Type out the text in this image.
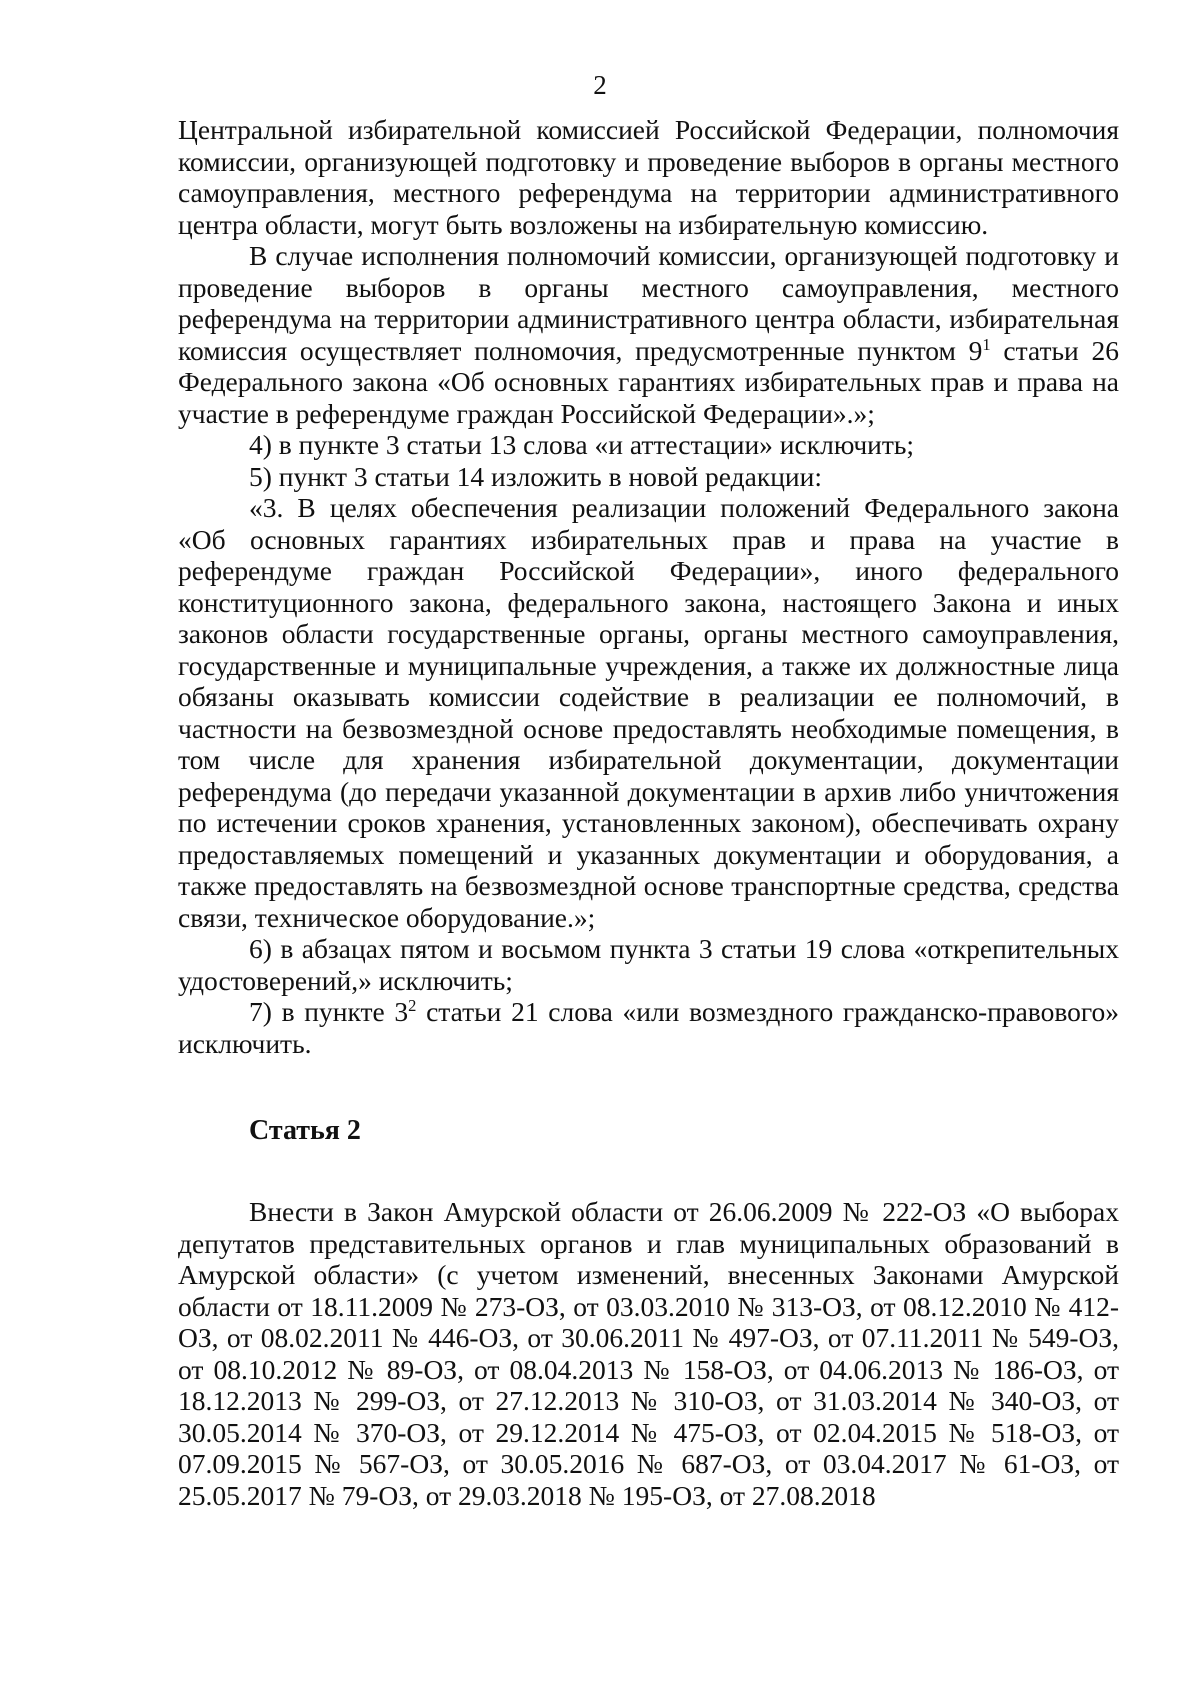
2

Центральной избирательной комиссией Российской Федерации, полномочия комиссии, организующей подготовку и проведение выборов в органы местного самоуправления, местного референдума на территории административного центра области, могут быть возложены на избирательную комиссию.

В случае исполнения полномочий комиссии, организующей подготовку и проведение выборов в органы местного самоуправления, местного референдума на территории административного центра области, избирательная комиссия осуществляет полномочия, предусмотренные пунктом $9^1$ статьи 26 Федерального закона «Об основных гарантиях избирательных прав и права на участие в референдуме граждан Российской Федерации».»;

4) в пункте 3 статьи 13 слова «и аттестации» исключить;

5) пункт 3 статьи 14 изложить в новой редакции:

«3. В целях обеспечения реализации положений Федерального закона «Об основных гарантиях избирательных прав и права на участие в референдуме граждан Российской Федерации», иного федерального конституционного закона, федерального закона, настоящего Закона и иных законов области государственные органы, органы местного самоуправления, государственные и муниципальные учреждения, а также их должностные лица обязаны оказывать комиссии содействие в реализации ее полномочий, в частности на безвозмездной основе предоставлять необходимые помещения, в том числе для хранения избирательной документации, документации референдума (до передачи указанной документации в архив либо уничтожения по истечении сроков хранения, установленных законом), обеспечивать охрану предоставляемых помещений и указанных документации и оборудования, а также предоставлять на безвозмездной основе транспортные средства, средства связи, техническое оборудование.»;

6) в абзацах пятом и восьмом пункта 3 статьи 19 слова «открепительных удостоверений,» исключить;

7) в пункте $3^2$ статьи 21 слова «или возмездного гражданско-правового» исключить.

Статья 2

Внести в Закон Амурской области от 26.06.2009 № 222-ОЗ «О выборах депутатов представительных органов и глав муниципальных образований в Амурской области» (с учетом изменений, внесенных Законами Амурской области от 18.11.2009 № 273-ОЗ, от 03.03.2010 № 313-ОЗ, от 08.12.2010 № 412-ОЗ, от 08.02.2011 № 446-ОЗ, от 30.06.2011 № 497-ОЗ, от 07.11.2011 № 549-ОЗ, от 08.10.2012 № 89-ОЗ, от 08.04.2013 № 158-ОЗ, от 04.06.2013 № 186-ОЗ, от 18.12.2013 № 299-ОЗ, от 27.12.2013 № 310-ОЗ, от 31.03.2014 № 340-ОЗ, от 30.05.2014 № 370-ОЗ, от 29.12.2014 № 475-ОЗ, от 02.04.2015 № 518-ОЗ, от 07.09.2015 № 567-ОЗ, от 30.05.2016 № 687-ОЗ, от 03.04.2017 № 61-ОЗ, от 25.05.2017 № 79-ОЗ, от 29.03.2018 № 195-ОЗ, от 27.08.2018
